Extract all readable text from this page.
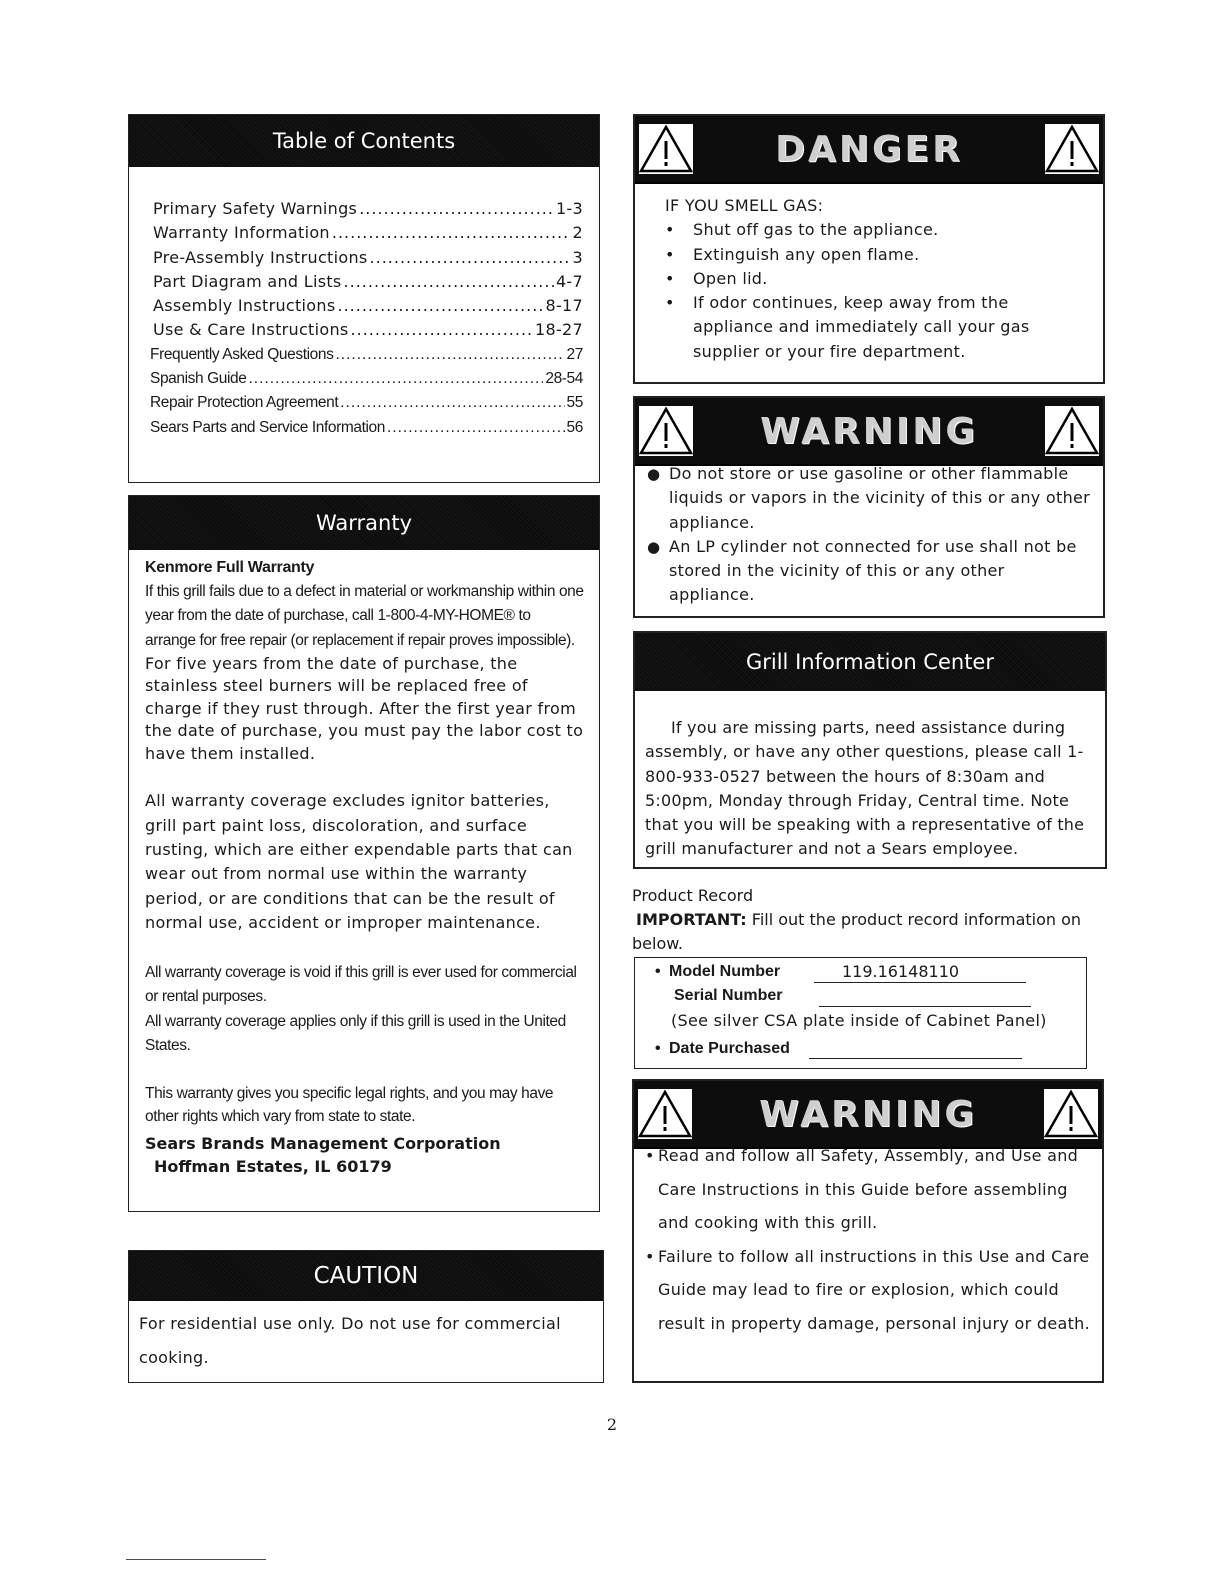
Table of Contents
Primary Safety Warnings .....	1-3
Warranty Information .....	2
Pre-Assembly Instructions .....	3
Part Diagram and Lists .....	4-7
Assembly Instructions .....	8-17
Use & Care Instructions .....	18-27
Frequently Asked Questions .....	27
Spanish Guide .....	28-54
Repair Protection Agreement .....	55
Sears Parts and Service Information .....	56
Warranty
Kenmore Full Warranty
If this grill fails due to a defect in material or workmanship within one year from the date of purchase, call 1-800-4-MY-HOME® to arrange for free repair (or replacement if repair proves impossible).
For five years from the date of purchase, the stainless steel burners will be replaced free of charge if they rust through. After the first year from the date of purchase, you must pay the labor cost to have them installed.
All warranty coverage excludes ignitor batteries, grill part paint loss, discoloration, and surface rusting, which are either expendable parts that can wear out from normal use within the warranty period, or are conditions that can be the result of normal use, accident or improper maintenance.
All warranty coverage is void if this grill is ever used for commercial or rental purposes.
All warranty coverage applies only if this grill is used in the United States.
This warranty gives you specific legal rights, and you may have other rights which vary from state to state.
Sears Brands Management Corporation
Hoffman Estates, IL 60179
CAUTION
For residential use only. Do not use for commercial cooking.
DANGER
IF YOU SMELL GAS:
• Shut off gas to the appliance.
• Extinguish any open flame.
• Open lid.
• If odor continues, keep away from the appliance and immediately call your gas supplier or your fire department.
WARNING
● Do not store or use gasoline or other flammable liquids or vapors in the vicinity of this or any other appliance.
● An LP cylinder not connected for use shall not be stored in the vicinity of this or any other appliance.
Grill Information Center
If you are missing parts, need assistance during assembly, or have any other questions, please call 1-800-933-0527 between the hours of 8:30am and 5:00pm, Monday through Friday, Central time. Note that you will be speaking with a representative of the grill manufacturer and not a Sears employee.
Product Record
IMPORTANT: Fill out the product record information on below.
• Model Number	119.16148110
Serial Number
(See silver CSA plate inside of Cabinet Panel)
• Date Purchased
WARNING
• Read and follow all Safety, Assembly, and Use and Care Instructions in this Guide before assembling and cooking with this grill.
• Failure to follow all instructions in this Use and Care Guide may lead to fire or explosion, which could result in property damage, personal injury or death.
2
